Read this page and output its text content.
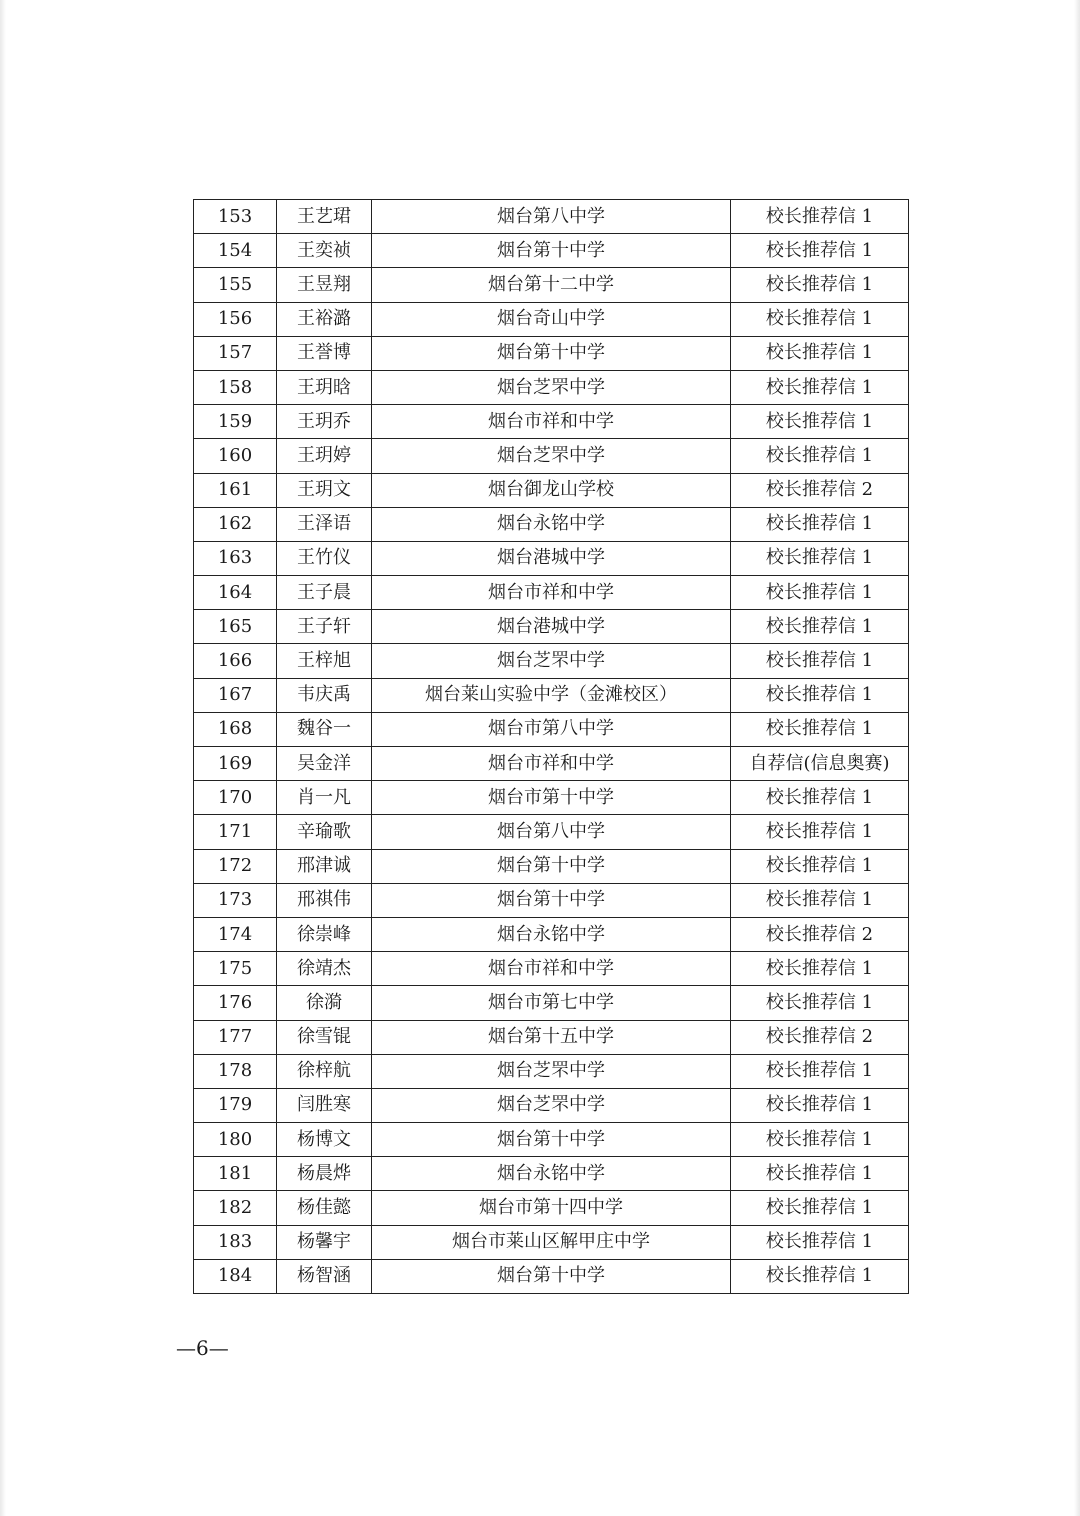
153	王艺珺	烟台第八中学	校长推荐信 1
154	王奕祯	烟台第十中学	校长推荐信 1
155	王昱翔	烟台第十二中学	校长推荐信 1
156	王裕潞	烟台奇山中学	校长推荐信 1
157	王誉博	烟台第十中学	校长推荐信 1
158	王玥晗	烟台芝罘中学	校长推荐信 1
159	王玥乔	烟台市祥和中学	校长推荐信 1
160	王玥婷	烟台芝罘中学	校长推荐信 1
161	王玥文	烟台御龙山学校	校长推荐信 2
162	王泽语	烟台永铭中学	校长推荐信 1
163	王竹仪	烟台港城中学	校长推荐信 1
164	王子晨	烟台市祥和中学	校长推荐信 1
165	王子轩	烟台港城中学	校长推荐信 1
166	王梓旭	烟台芝罘中学	校长推荐信 1
167	韦庆禹	烟台莱山实验中学（金滩校区）	校长推荐信 1
168	魏谷一	烟台市第八中学	校长推荐信 1
169	吴金洋	烟台市祥和中学	自荐信(信息奥赛)
170	肖一凡	烟台市第十中学	校长推荐信 1
171	辛瑜歌	烟台第八中学	校长推荐信 1
172	邢津诚	烟台第十中学	校长推荐信 1
173	邢祺伟	烟台第十中学	校长推荐信 1
174	徐崇峰	烟台永铭中学	校长推荐信 2
175	徐靖杰	烟台市祥和中学	校长推荐信 1
176	徐漪	烟台市第七中学	校长推荐信 1
177	徐雪锟	烟台第十五中学	校长推荐信 2
178	徐梓航	烟台芝罘中学	校长推荐信 1
179	闫胜寒	烟台芝罘中学	校长推荐信 1
180	杨博文	烟台第十中学	校长推荐信 1
181	杨晨烨	烟台永铭中学	校长推荐信 1
182	杨佳懿	烟台市第十四中学	校长推荐信 1
183	杨馨宇	烟台市莱山区解甲庄中学	校长推荐信 1
184	杨智涵	烟台第十中学	校长推荐信 1
—6—
